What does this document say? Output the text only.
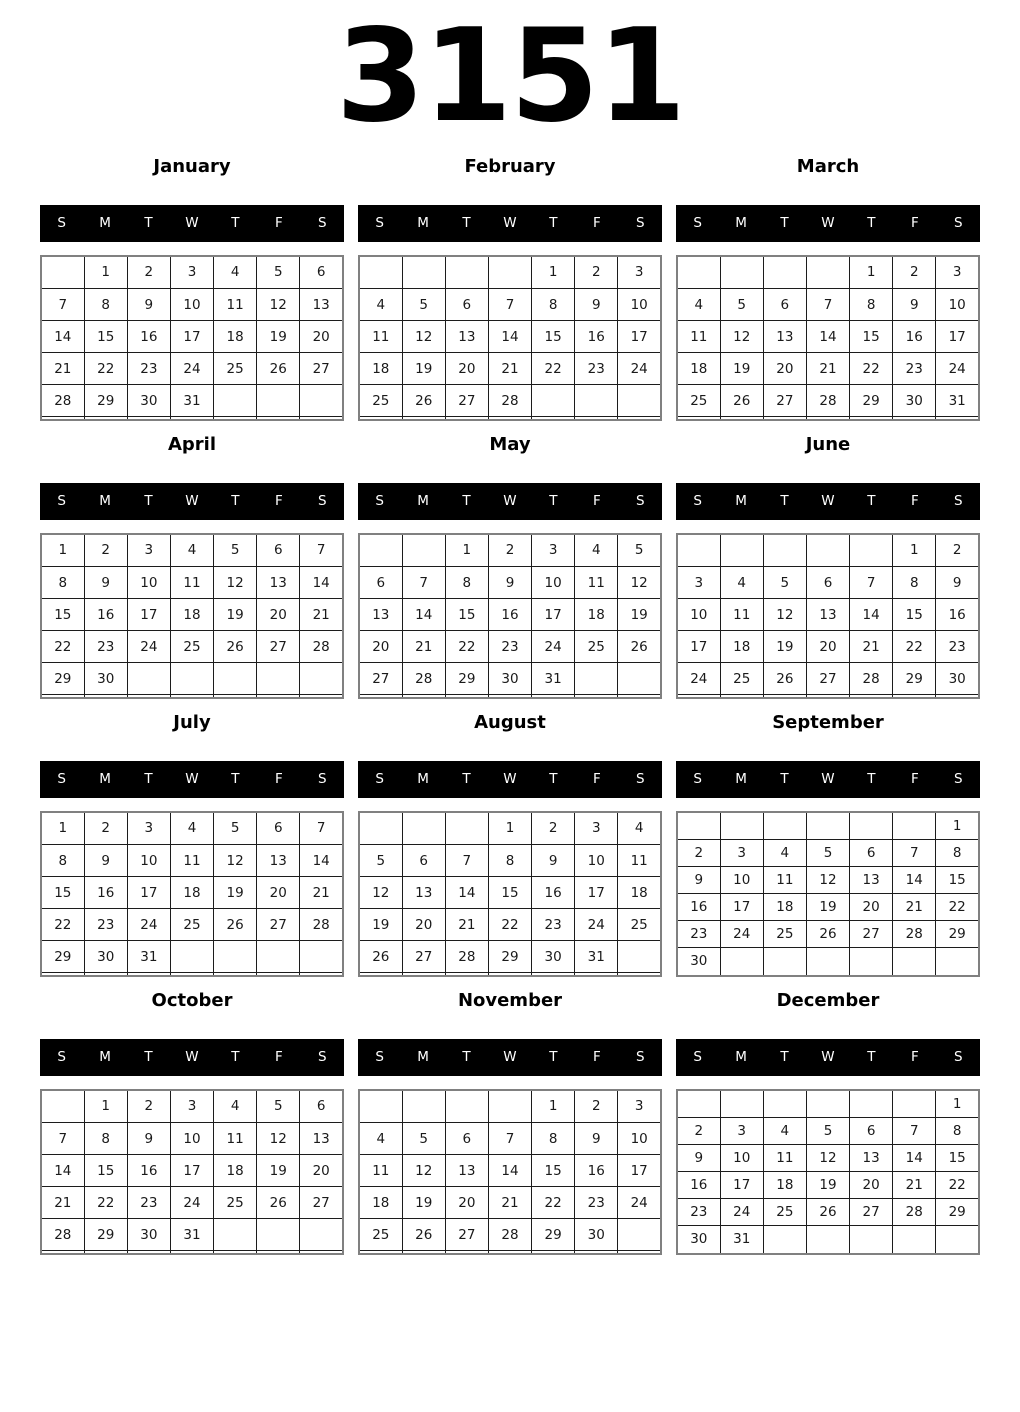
3151
January
S	M	T	W	T	F	S
	1	2	3	4	5	6
7	8	9	10	11	12	13
14	15	16	17	18	19	20
21	22	23	24	25	26	27
28	29	30	31			

February
S	M	T	W	T	F	S
				1	2	3
4	5	6	7	8	9	10
11	12	13	14	15	16	17
18	19	20	21	22	23	24
25	26	27	28			

March
S	M	T	W	T	F	S
				1	2	3
4	5	6	7	8	9	10
11	12	13	14	15	16	17
18	19	20	21	22	23	24
25	26	27	28	29	30	31

April
S	M	T	W	T	F	S
1	2	3	4	5	6	7
8	9	10	11	12	13	14
15	16	17	18	19	20	21
22	23	24	25	26	27	28
29	30					

May
S	M	T	W	T	F	S
		1	2	3	4	5
6	7	8	9	10	11	12
13	14	15	16	17	18	19
20	21	22	23	24	25	26
27	28	29	30	31		

June
S	M	T	W	T	F	S
					1	2
3	4	5	6	7	8	9
10	11	12	13	14	15	16
17	18	19	20	21	22	23
24	25	26	27	28	29	30

July
S	M	T	W	T	F	S
1	2	3	4	5	6	7
8	9	10	11	12	13	14
15	16	17	18	19	20	21
22	23	24	25	26	27	28
29	30	31				

August
S	M	T	W	T	F	S
			1	2	3	4
5	6	7	8	9	10	11
12	13	14	15	16	17	18
19	20	21	22	23	24	25
26	27	28	29	30	31	

September
S	M	T	W	T	F	S
						1
2	3	4	5	6	7	8
9	10	11	12	13	14	15
16	17	18	19	20	21	22
23	24	25	26	27	28	29
30						
October
S	M	T	W	T	F	S
	1	2	3	4	5	6
7	8	9	10	11	12	13
14	15	16	17	18	19	20
21	22	23	24	25	26	27
28	29	30	31			

November
S	M	T	W	T	F	S
				1	2	3
4	5	6	7	8	9	10
11	12	13	14	15	16	17
18	19	20	21	22	23	24
25	26	27	28	29	30	

December
S	M	T	W	T	F	S
						1
2	3	4	5	6	7	8
9	10	11	12	13	14	15
16	17	18	19	20	21	22
23	24	25	26	27	28	29
30	31					
